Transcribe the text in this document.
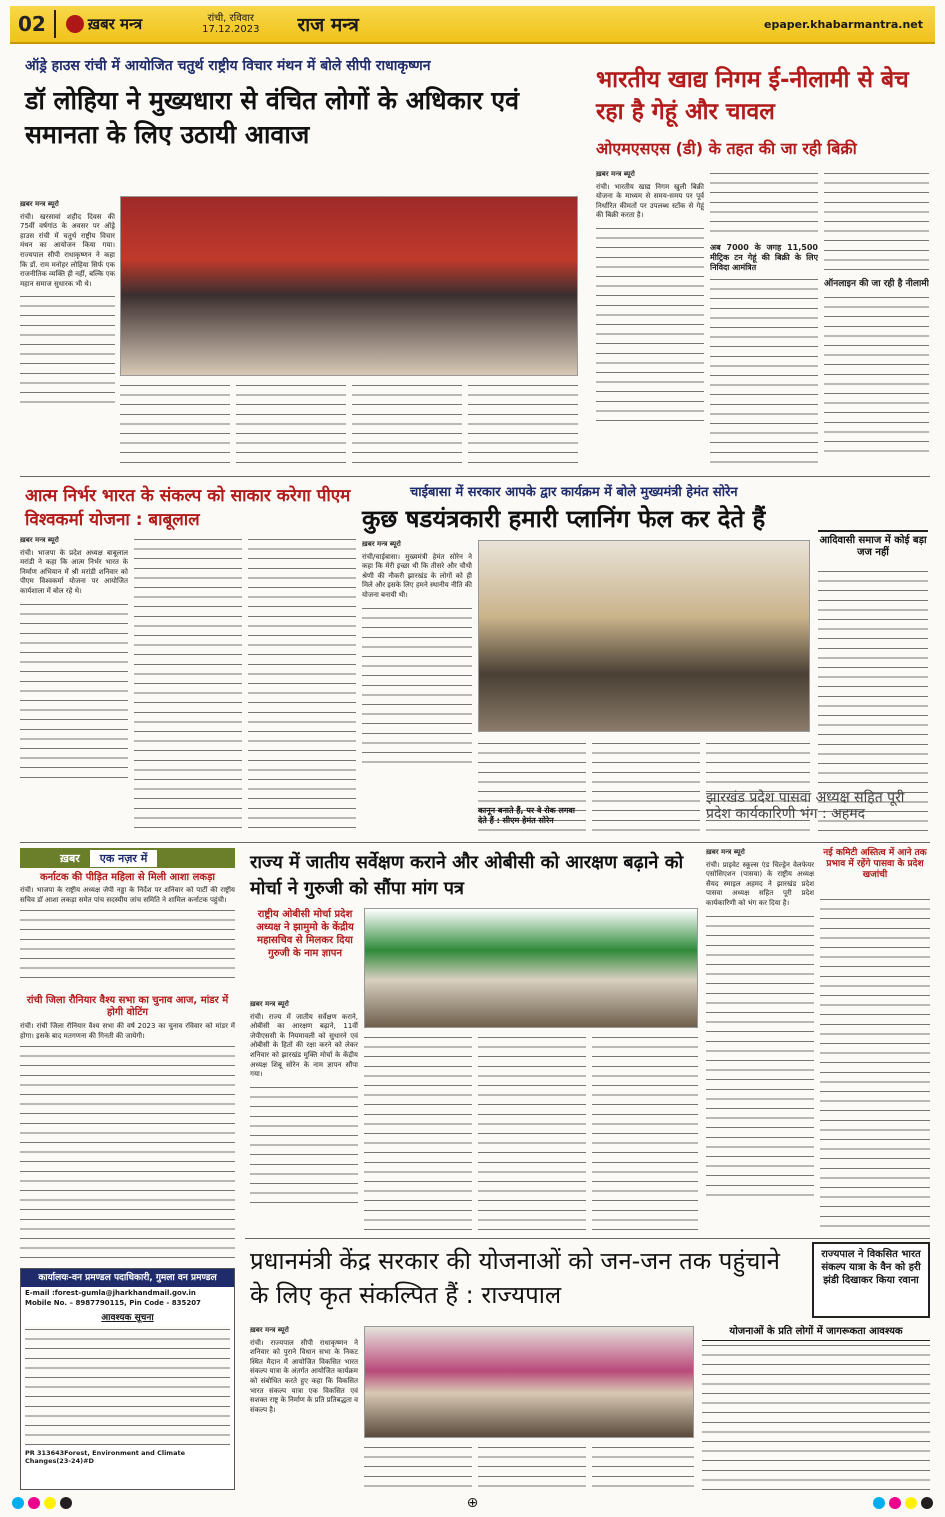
02	ख़बर मन्त्र	रांची, रविवार
17.12.2023 राज मन्त्र	epaper.khabarmantra.net
ऑड्रे हाउस रांची में आयोजित चतुर्थ राष्ट्रीय विचार मंथन में बोले सीपी राधाकृष्णन
डॉ लोहिया ने मुख्यधारा से वंचित लोगों के अधिकार एवं समानता के लिए उठायी आवाज
ख़बर मन्त्र ब्यूरो
रांची। खरसावां शहीद दिवस की 75वीं वर्षगांठ के अवसर पर ऑड्रे हाउस रांची में चतुर्थ राष्ट्रीय विचार मंथन का आयोजन किया गया। राज्यपाल सीपी राधाकृष्णन ने कहा कि डॉ. राम मनोहर लोहिया सिर्फ एक राजनीतिक व्यक्ति ही नहीं, बल्कि एक महान समाज सुधारक भी थे।
भारतीय खाद्य निगम ई-नीलामी से बेच रहा है गेहूं और चावल
ओएमएसएस (डी) के तहत की जा रही बिक्री
ख़बर मन्त्र ब्यूरो
रांची। भारतीय खाद्य निगम खुली बिक्री योजना के माध्यम से समय-समय पर पूर्व निर्धारित कीमतों पर उपलब्ध स्टॉक से गेहूं की बिक्री करता है।
अब 7000 के जगह 11,500 मीट्रिक टन गेहूं की बिक्री के लिए निविदा आमंत्रित
ऑनलाइन की जा रही है नीलामी
आत्म निर्भर भारत के संकल्प को साकार करेगा पीएम विश्वकर्मा योजना : बाबूलाल
ख़बर मन्त्र ब्यूरो
रांची। भाजपा के प्रदेश अध्यक्ष बाबूलाल मरांडी ने कहा कि आत्म निर्भर भारत के निर्माण अभियान में श्री मरांडी शनिवार को पीएम विश्वकर्मा योजना पर आयोजित कार्यशाला में बोल रहे थे।
चाईबासा में सरकार आपके द्वार कार्यक्रम में बोले मुख्यमंत्री हेमंत सोरेन
कुछ षडयंत्रकारी हमारी प्लानिंग फेल कर देते हैं
ख़बर मन्त्र ब्यूरो
रांची/चाईबासा। मुख्यमंत्री हेमंत सोरेन ने कहा कि मेरी इच्छा थी कि तीसरे और चौथी श्रेणी की नौकरी झारखंड के लोगों को ही मिले और इसके लिए हमने स्थानीय नीति की योजना बनायी थी।
कानून बनाते हैं, पर वे रोक लगवा देते हैं : सीएम हेमंत सोरेन
आदिवासी समाज में कोई बड़ा जज नहीं
ख़बर	एक नज़र में
कर्नाटक की पीड़ित महिला से मिली आशा लकड़ा
रांची। भाजपा के राष्ट्रीय अध्यक्ष जेपी नड्डा के निर्देश पर शनिवार को पार्टी की राष्ट्रीय सचिव डॉ आशा लकड़ा समेत पांच सदस्यीय जांच समिति ने शामिल कर्नाटक पहुंची।
रांची जिला रौनियार वैश्य सभा का चुनाव आज, मांडर में होगी वोटिंग
रांची। रांची जिला रौनियार वैश्य सभा की वर्ष 2023 का चुनाव रविवार को मांडर में होगा। इसके बाद मतगणना की गिनती की जायेगी।
कार्यालयः-वन प्रमण्डल पदाधिकारी, गुमला वन प्रमण्डल
E-mail :forest-gumla@jharkhandmail.gov.in
Mobile No. – 8987790115, Pin Code - 835207
आवश्यक सूचना
PR 313643Forest, Environment and Climate Changes(23-24)#D
राज्य में जातीय सर्वेक्षण कराने और ओबीसी को आरक्षण बढ़ाने को मोर्चा ने गुरुजी को सौंपा मांग पत्र
राष्ट्रीय ओबीसी मोर्चा प्रदेश अध्यक्ष ने झामुमो के केंद्रीय महासचिव से मिलकर दिया गुरुजी के नाम ज्ञापन
ख़बर मन्त्र ब्यूरो
रांची। राज्य में जातीय सर्वेक्षण कराने, ओबीसी का आरक्षण बढ़ाने, 11वीं जेपीएससी के नियमावली को सुधारने एवं ओबीसी के हितों की रक्षा करने को लेकर शनिवार को झारखंड मुक्ति मोर्चा के केंद्रीय अध्यक्ष शिबू सोरेन के नाम ज्ञापन सौंपा गया।
झारखंड प्रदेश पासवा अध्यक्ष सहित पूरी प्रदेश कार्यकारिणी भंग : अहमद
नई कमिटी अस्तित्व में आने तक प्रभाव में रहेंगे पासवा के प्रदेश खजांची
ख़बर मन्त्र ब्यूरो
रांची। प्राइवेट स्कूल्स एंड चिल्ड्रेन वेलफेयर एसोसिएशन (पासवा) के राष्ट्रीय अध्यक्ष सैयद स्माइल अहमद ने झारखंड प्रदेश पासवा अध्यक्ष सहित पूरी प्रदेश कार्यकारिणी को भंग कर दिया है।
प्रधानमंत्री केंद्र सरकार की योजनाओं को जन-जन तक पहुंचाने के लिए कृत संकल्पित हैं : राज्यपाल
राज्यपाल ने विकसित भारत संकल्प यात्रा के वैन को हरी झंडी दिखाकर किया रवाना
ख़बर मन्त्र ब्यूरो
रांची। राज्यपाल सीपी राधाकृष्णन ने शनिवार को पुराने विधान सभा के निकट स्थित मैदान में आयोजित विकसित भारत संकल्प यात्रा के अंतर्गत आयोजित कार्यक्रम को संबोधित करते हुए कहा कि विकसित भारत संकल्प यात्रा एक विकसित एवं सशक्त राष्ट्र के निर्माण के प्रति प्रतिबद्धता व संकल्प है।
योजनाओं के प्रति लोगों में जागरूकता आवश्यक
⊕
